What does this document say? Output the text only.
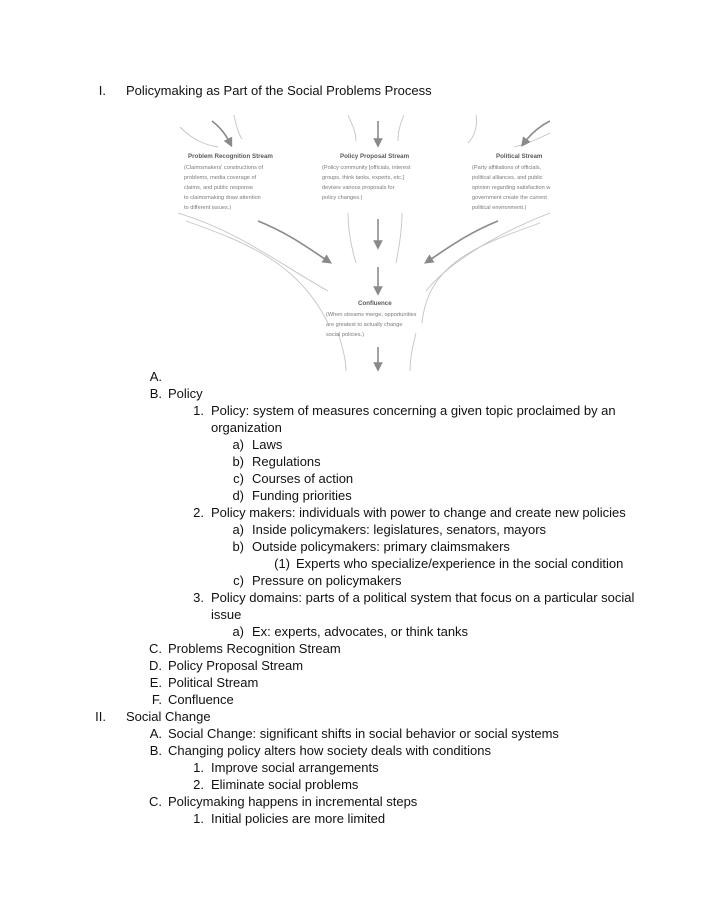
I. Policymaking as Part of the Social Problems Process
Problem Recognition Stream
(Claimsmakers' constructions of
problems, media coverage of
claims, and public response
to claimsmaking draw attention
to different issues.)
Policy Proposal Stream
(Policy community [officials, interest
groups, think tanks, experts, etc.]
devises various proposals for
policy changes.)
Political Stream
(Party affiliations of officials,
political alliances, and public
opinion regarding satisfaction with
government create the current
political environment.)
Confluence
(When streams merge, opportunities
are greatest to actually change
social policies.)
A.
B. Policy
1. Policy: system of measures concerning a given topic proclaimed by an
organization
a) Laws
b) Regulations
c) Courses of action
d) Funding priorities
2. Policy makers: individuals with power to change and create new policies
a) Inside policymakers: legislatures, senators, mayors
b) Outside policymakers: primary claimsmakers
(1) Experts who specialize/experience in the social condition
c) Pressure on policymakers
3. Policy domains: parts of a political system that focus on a particular social
issue
a) Ex: experts, advocates, or think tanks
C. Problems Recognition Stream
D. Policy Proposal Stream
E. Political Stream
F. Confluence
II. Social Change
A. Social Change: significant shifts in social behavior or social systems
B. Changing policy alters how society deals with conditions
1. Improve social arrangements
2. Eliminate social problems
C. Policymaking happens in incremental steps
1. Initial policies are more limited
